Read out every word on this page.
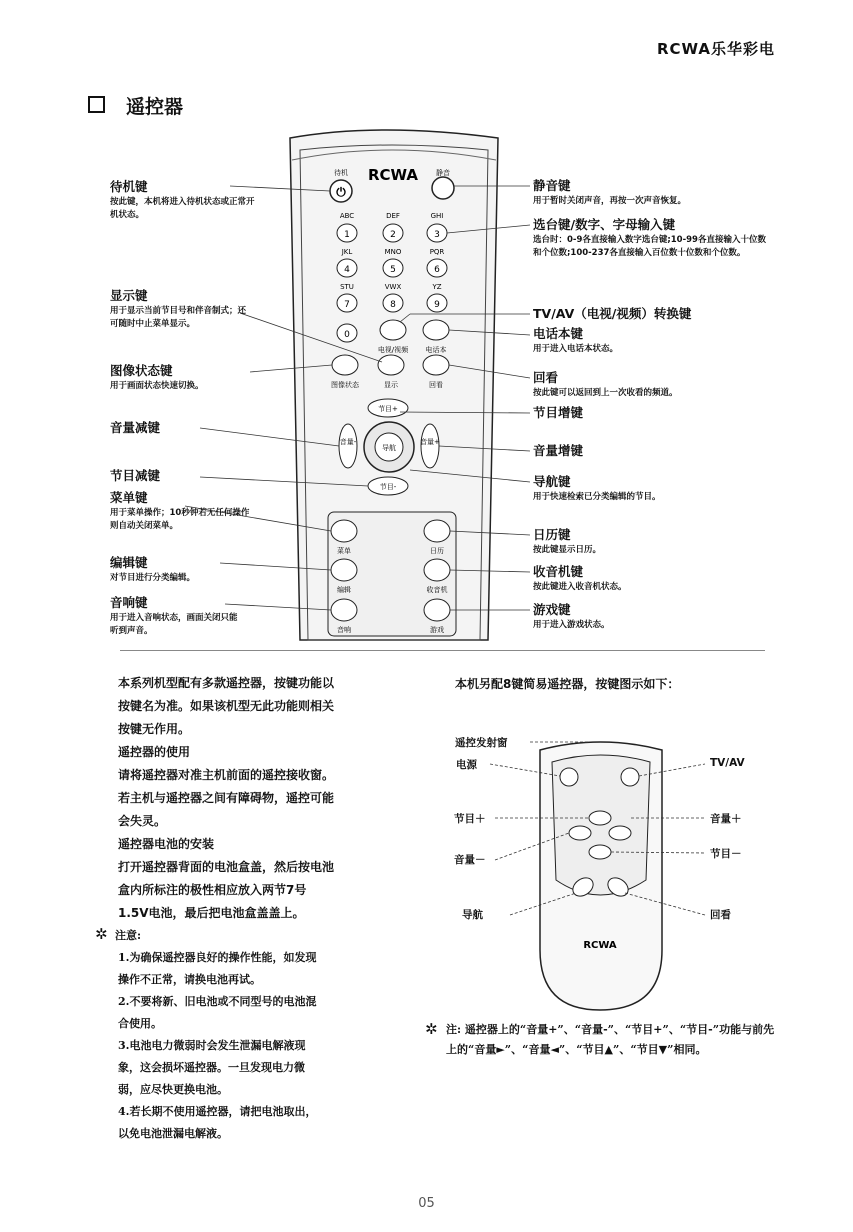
RCWA乐华彩电
遥控器
⏻
待机 RCWA	静音
ABC	DEF	GHI
1	2	3
JKL	MNO	PQR
4	5	6
STU	VWX	YZ
7	8	9
0
电视/视频 电话本
图像状态	显示	回看
节目+
节目-
音量-	音量+
导航
菜单	日历
编辑	收音机
音响	游戏
待机键
按此键，本机将进入待机状态或正常开机状态。
显示键
用于显示当前节目号和伴音制式；还可随时中止菜单显示。
图像状态键
用于画面状态快速切换。
音量减键
节目减键
菜单键
用于菜单操作；10秒钟若无任何操作则自动关闭菜单。
编辑键
对节目进行分类编辑。
音响键
用于进入音响状态，画面关闭只能听到声音。
静音键
用于暂时关闭声音，再按一次声音恢复。
选台键/数字、字母输入键
选台时：0-9各直接输入数字选台键;10-99各直接输入十位数和个位数;100-237各直接输入百位数十位数和个位数。
TV/AV（电视/视频）转换键
电话本键
用于进入电话本状态。
回看
按此键可以返回到上一次收看的频道。
节目增键
音量增键
导航键
用于快速检索已分类编辑的节目。
日历键
按此键显示日历。
收音机键
按此键进入收音机状态。
游戏键
用于进入游戏状态。
本系列机型配有多款遥控器，按键功能以
按键名为准。如果该机型无此功能则相关
按键无作用。
遥控器的使用
请将遥控器对准主机前面的遥控接收窗。
若主机与遥控器之间有障碍物，遥控可能
会失灵。
遥控器电池的安装
打开遥控器背面的电池盒盖，然后按电池
盒内所标注的极性相应放入两节7号
1.5V电池，最后把电池盒盖盖上。
✲ 注意:
1.为确保遥控器良好的操作性能，如发现
操作不正常，请换电池再试。
2.不要将新、旧电池或不同型号的电池混
合使用。
3.电池电力微弱时会发生泄漏电解液现
象，这会损坏遥控器。一旦发现电力微
弱，应尽快更换电池。
4.若长期不使用遥控器，请把电池取出，
以免电池泄漏电解液。
本机另配8键简易遥控器，按键图示如下：
RCWA
遥控发射窗
电源	TV/AV
节目＋	音量＋
音量－	节目－
导航	回看
✲ 注: 遥控器上的“音量+”、“音量-”、“节目+”、“节目-”功能与前先上的“音量►”、“音量◄”、“节目▲”、“节目▼”相同。
05
